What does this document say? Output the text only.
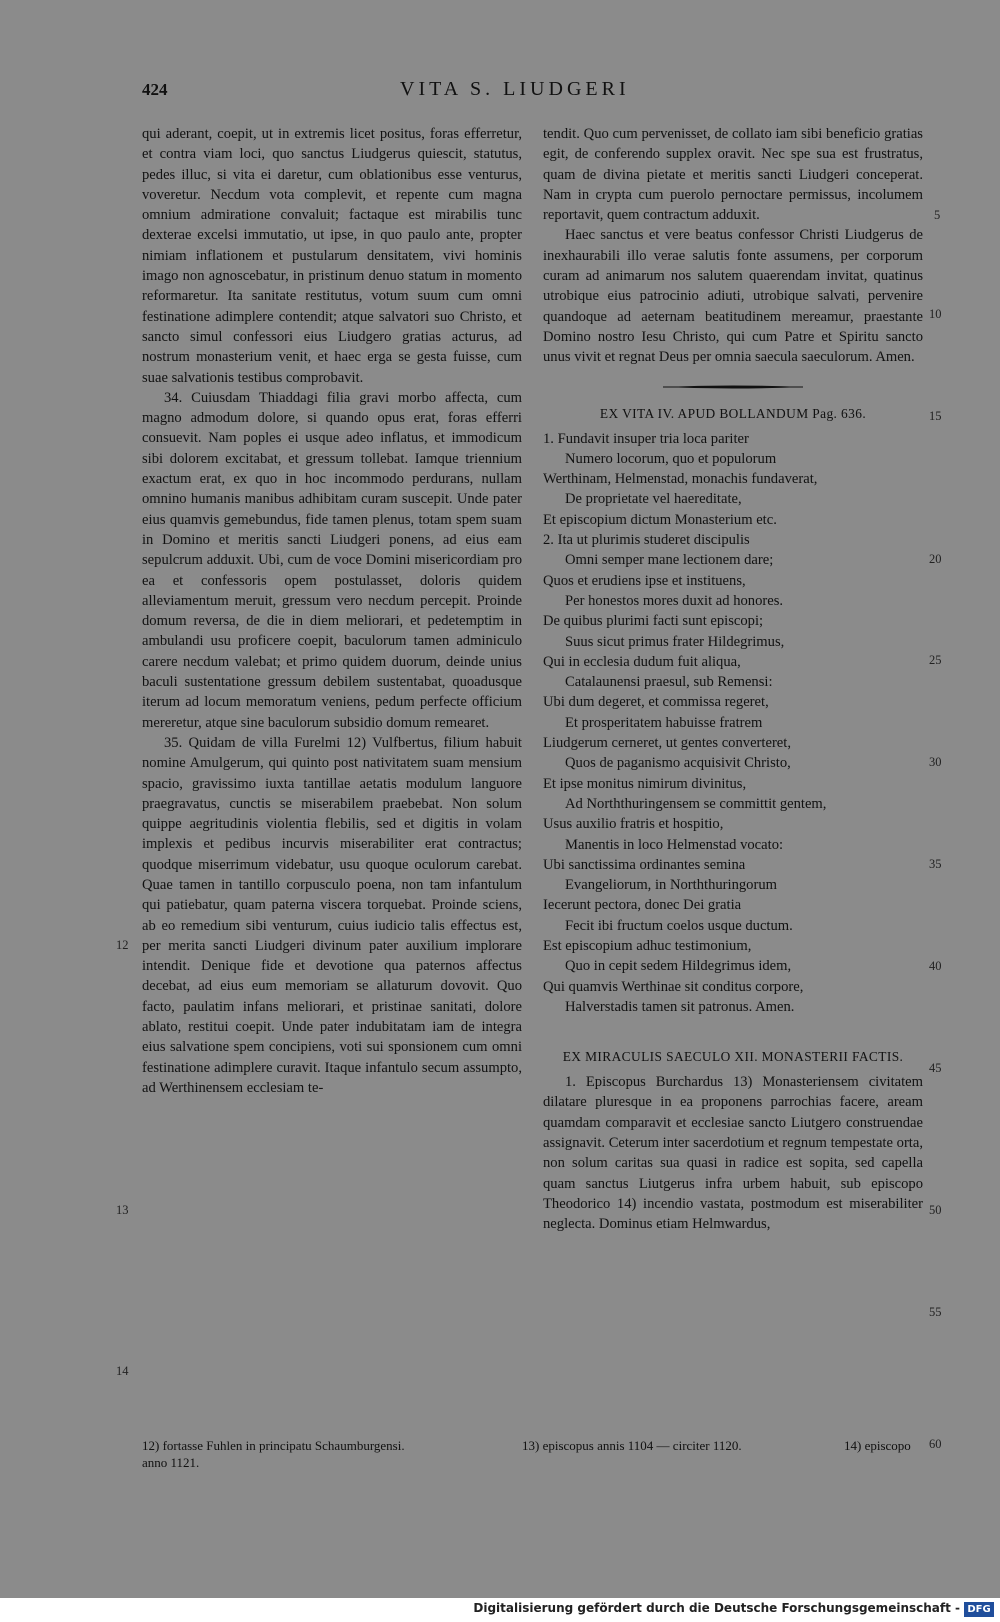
424	VITA S. LIUDGERI

qui aderant, coepit, ut in extremis licet positus, foras efferretur, et contra viam loci, quo sanctus Liudgerus quiescit, statutus, pedes illuc, si vita ei daretur, cum oblationibus esse venturus, voveretur. Necdum vota complevit, et repente cum magna omnium admiratione convaluit; factaque est mirabilis tunc dexterae excelsi immutatio, ut ipse, in quo paulo ante, propter nimiam inflationem et pustularum densitatem, vivi hominis imago non agnoscebatur, in pristinum denuo statum in momento reformaretur. Ita sanitate restitutus, votum suum cum omni festinatione adimplere contendit; atque salvatori suo Christo, et sancto simul confessori eius Liudgero gratias acturus, ad nostrum monasterium venit, et haec erga se gesta fuisse, cum suae salvationis testibus comprobavit.

34. Cuiusdam Thiaddagi filia gravi morbo affecta, cum magno admodum dolore, si quando opus erat, foras efferri consuevit. Nam poples ei usque adeo inflatus, et immodicum sibi dolorem excitabat, et gressum tollebat. Iamque triennium exactum erat, ex quo in hoc incommodo perdurans, nullam omnino humanis manibus adhibitam curam suscepit. Unde pater eius quamvis gemebundus, fide tamen plenus, totam spem suam in Domino et meritis sancti Liudgeri ponens, ad eius eam sepulcrum adduxit. Ubi, cum de voce Domini misericordiam pro ea et confessoris opem postulasset, doloris quidem alleviamentum meruit, gressum vero necdum percepit. Proinde domum reversa, de die in diem meliorari, et pedetemptim in ambulandi usu proficere coepit, baculorum tamen adminiculo carere necdum valebat; et primo quidem duorum, deinde unius baculi sustentatione gressum debilem sustentabat, quoadusque iterum ad locum memoratum veniens, pedum perfecte officium mereretur, atque sine baculorum subsidio domum remearet.

35. Quidam de villa Furelmi 12) Vulfbertus, filium habuit nomine Amulgerum, qui quinto post nativitatem suam mensium spacio, gravissimo iuxta tantillae aetatis modulum languore praegravatus, cunctis se miserabilem praebebat. Non solum quippe aegritudinis violentia flebilis, sed et digitis in volam implexis et pedibus incurvis miserabiliter erat contractus; quodque miserrimum videbatur, usu quoque oculorum carebat. Quae tamen in tantillo corpusculo poena, non tam infantulum qui patiebatur, quam paterna viscera torquebat. Proinde sciens, ab eo remedium sibi venturum, cuius iudicio talis effectus est, per merita sancti Liudgeri divinum pater auxilium implorare intendit. Denique fide et devotione qua paternos affectus decebat, ad eius eum memoriam se allaturum dovovit. Quo facto, paulatim infans meliorari, et pristinae sanitati, dolore ablato, restitui coepit. Unde pater indubitatam iam de integra eius salvatione spem concipiens, voti sui sponsionem cum omni festinatione adimplere curavit. Itaque infantulo secum assumpto, ad Werthinensem ecclesiam te-

tendit. Quo cum pervenisset, de collato iam sibi beneficio gratias egit, de conferendo supplex oravit. Nec spe sua est frustratus, quam de divina pietate et meritis sancti Liudgeri conceperat. Nam in crypta cum puerolo pernoctare permissus, incolumem reportavit, quem contractum adduxit.

Haec sanctus et vere beatus confessor Christi Liudgerus de inexhaurabili illo verae salutis fonte assumens, per corporum curam ad animarum nos salutem quaerendam invitat, quatinus utrobique eius patrocinio adiuti, utrobique salvati, pervenire quandoque ad aeternam beatitudinem mereamur, praestante Domino nostro Iesu Christo, qui cum Patre et Spiritu sancto unus vivit et regnat Deus per omnia saecula saeculorum. Amen.

EX VITA IV. APUD BOLLANDUM Pag. 636.
1. Fundavit insuper tria loca pariter
Numero locorum, quo et populorum
Werthinam, Helmenstad, monachis fundaverat,
De proprietate vel haereditate,
Et episcopium dictum Monasterium etc.
2. Ita ut plurimis studeret discipulis
Omni semper mane lectionem dare;
Quos et erudiens ipse et instituens,
Per honestos mores duxit ad honores.
De quibus plurimi facti sunt episcopi;
Suus sicut primus frater Hildegrimus,
Qui in ecclesia dudum fuit aliqua,
Catalaunensi praesul, sub Remensi:
Ubi dum degeret, et commissa regeret,
Et prosperitatem habuisse fratrem
Liudgerum cerneret, ut gentes converteret,
Quos de paganismo acquisivit Christo,
Et ipse monitus nimirum divinitus,
Ad Norththuringensem se committit gentem,
Usus auxilio fratris et hospitio,
Manentis in loco Helmenstad vocato:
Ubi sanctissima ordinantes semina
Evangeliorum, in Norththuringorum
Iecerunt pectora, donec Dei gratia
Fecit ibi fructum coelos usque ductum.
Est episcopium adhuc testimonium,
Quo in cepit sedem Hildegrimus idem,
Qui quamvis Werthinae sit conditus corpore,
Halverstadis tamen sit patronus. Amen.
EX MIRACULIS SAECULO XII. MONASTERII FACTIS.

1. Episcopus Burchardus 13) Monasteriensem civitatem dilatare pluresque in ea proponens parrochias facere, aream quamdam comparavit et ecclesiae sancto Liutgero construendae assignavit. Ceterum inter sacerdotium et regnum tempestate orta, non solum caritas sua quasi in radice est sopita, sed capella quam sanctus Liutgerus infra urbem habuit, sub episcopo Theodorico 14) incendio vastata, postmodum est miserabiliter neglecta. Dominus etiam Helmwardus,

5
10
15
20
25
30
35
40
45
50
55
60
12
13
14
12) fortasse Fuhlen in principatu Schaumburgensi.
anno 1121.
13) episcopus annis 1104 — circiter 1120.	14) episcopo
Digitalisierung gefördert durch die Deutsche Forschungsgemeinschaft - DFG
